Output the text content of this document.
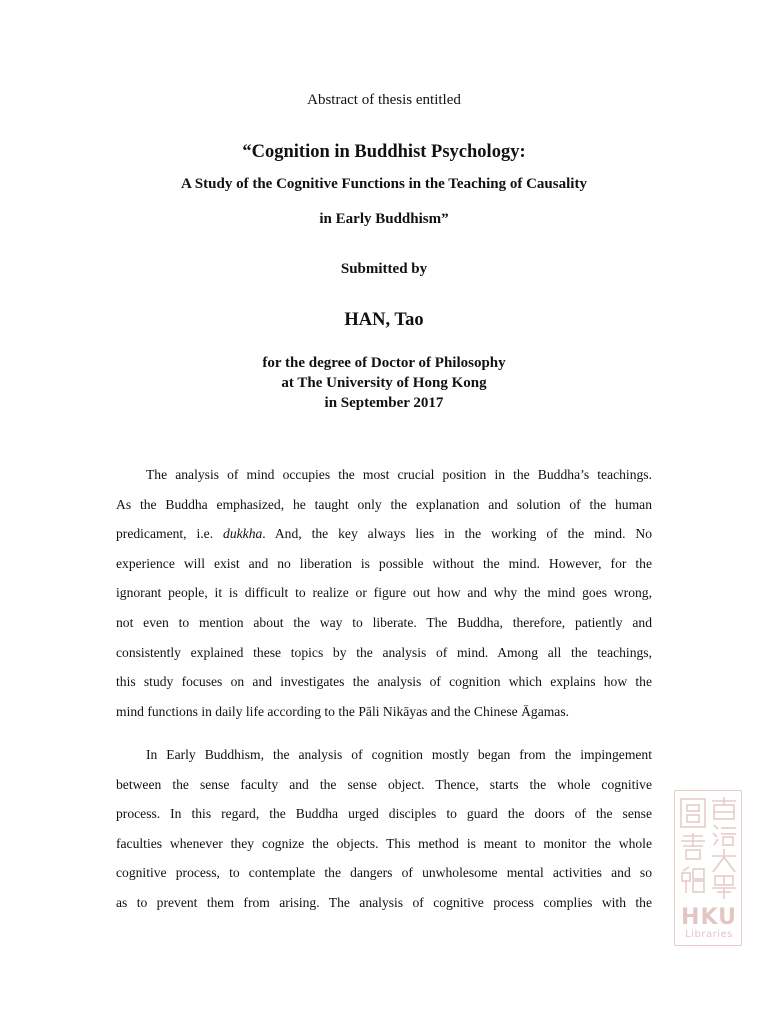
Abstract of thesis entitled
“Cognition in Buddhist Psychology:
A Study of the Cognitive Functions in the Teaching of Causality
in Early Buddhism”
Submitted by
HAN, Tao
for the degree of Doctor of Philosophy
at The University of Hong Kong
in September 2017
The analysis of mind occupies the most crucial position in the Buddha’s teachings.
As the Buddha emphasized, he taught only the explanation and solution of the human
predicament, i.e. dukkha. And, the key always lies in the working of the mind. No
experience will exist and no liberation is possible without the mind. However, for the
ignorant people, it is difficult to realize or figure out how and why the mind goes wrong,
not even to mention about the way to liberate. The Buddha, therefore, patiently and
consistently explained these topics by the analysis of mind. Among all the teachings,
this study focuses on and investigates the analysis of cognition which explains how the
mind functions in daily life according to the Pāli Nikāyas and the Chinese Āgamas.
In Early Buddhism, the analysis of cognition mostly began from the impingement
between the sense faculty and the sense object. Thence, starts the whole cognitive
process. In this regard, the Buddha urged disciples to guard the doors of the sense
faculties whenever they cognize the objects. This method is meant to monitor the whole
cognitive process, to contemplate the dangers of unwholesome mental activities and so
as to prevent them from arising. The analysis of cognitive process complies with the
HKU
Libraries
